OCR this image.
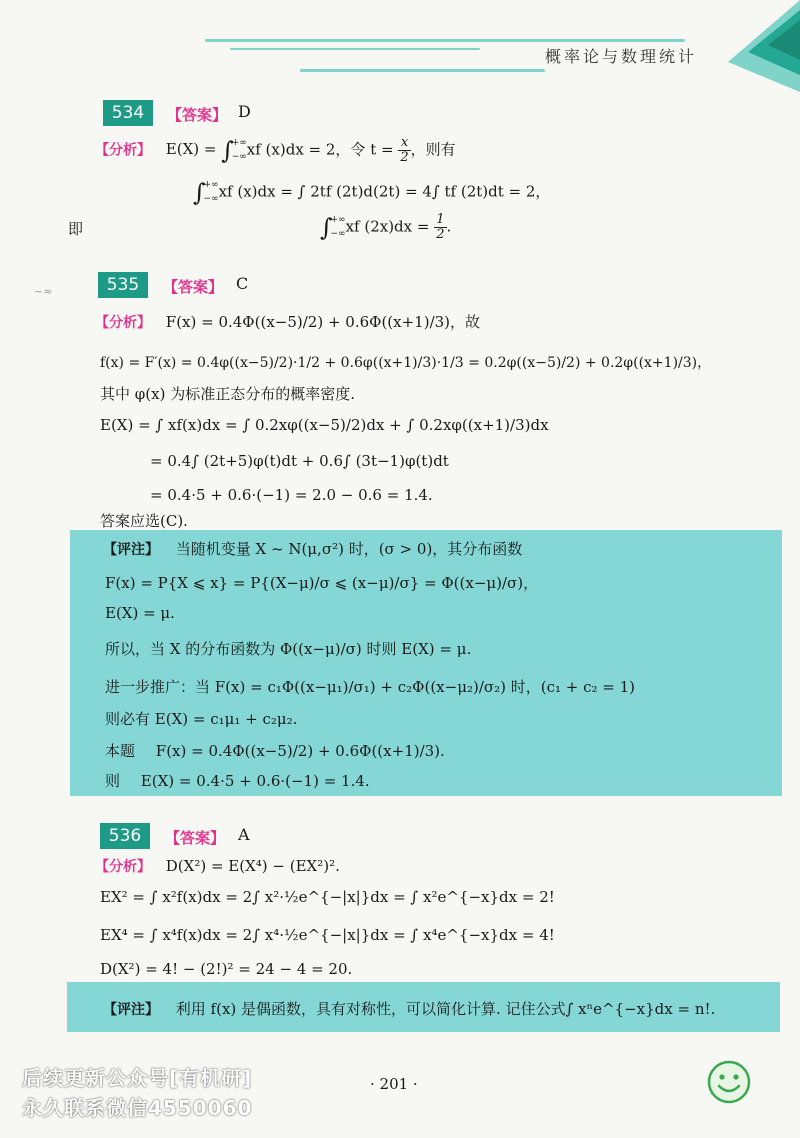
概率论与数理统计
534	【答案】 D
【分析】 E(X) = ∫+∞
−∞xf (x)dx = 2，令 $t = \frac{x}{2}$ ，则有
∫+∞
−∞xf (x)dx = ∫ 2tf (2t)d(2t) = 4∫ tf (2t)dt = 2，
即	∫+∞
−∞xf $(2x)dx = \frac{1}{2}$ .
~≈	535	【答案】 C
【分析】 F(x) = 0.4Φ((x−5)/2) + 0.6Φ((x+1)/3)，故
f(x) = F′(x) = 0.4φ((x−5)/2)·1/2 + 0.6φ((x+1)/3)·1/3 = 0.2φ((x−5)/2) + 0.2φ((x+1)/3)，
其中 φ(x) 为标准正态分布的概率密度.
E(X) = ∫ xf(x)dx = ∫ 0.2xφ((x−5)/2)dx + ∫ 0.2xφ((x+1)/3)dx
= 0.4∫ (2t+5)φ(t)dt + 0.6∫ (3t−1)φ(t)dt
= 0.4·5 + 0.6·(−1) = 2.0 − 0.6 = 1.4.
答案应选(C).
【评注】 当随机变量 X ~ N(μ,σ²) 时，(σ > 0)，其分布函数
F(x) = P{X ⩽ x} = P{(X−μ)/σ ⩽ (x−μ)/σ} = Φ((x−μ)/σ)，
E(X) = μ.
所以，当 X 的分布函数为 Φ((x−μ)/σ) 时则 E(X) = μ.
进一步推广：当 F(x) = c₁Φ((x−μ₁)/σ₁) + c₂Φ((x−μ₂)/σ₂) 时，(c₁ + c₂ = 1)
则必有 E(X) = c₁μ₁ + c₂μ₂.
本题 F(x) = 0.4Φ((x−5)/2) + 0.6Φ((x+1)/3).
则 E(X) = 0.4·5 + 0.6·(−1) = 1.4.
536	【答案】 A
【分析】 D(X²) = E(X⁴) − (EX²)².
EX² = ∫ x²f(x)dx = 2∫ x²·½e^{−|x|}dx = ∫ x²e^{−x}dx = 2!
EX⁴ = ∫ x⁴f(x)dx = 2∫ x⁴·½e^{−|x|}dx = ∫ x⁴e^{−x}dx = 4!
D(X²) = 4! − (2!)² = 24 − 4 = 20.
【评注】 利用 f(x) 是偶函数，具有对称性，可以简化计算. 记住公式∫ xⁿe^{−x}dx = n!.
后续更新公众号[有机研]
永久联系微信4550060
· 201 ·
